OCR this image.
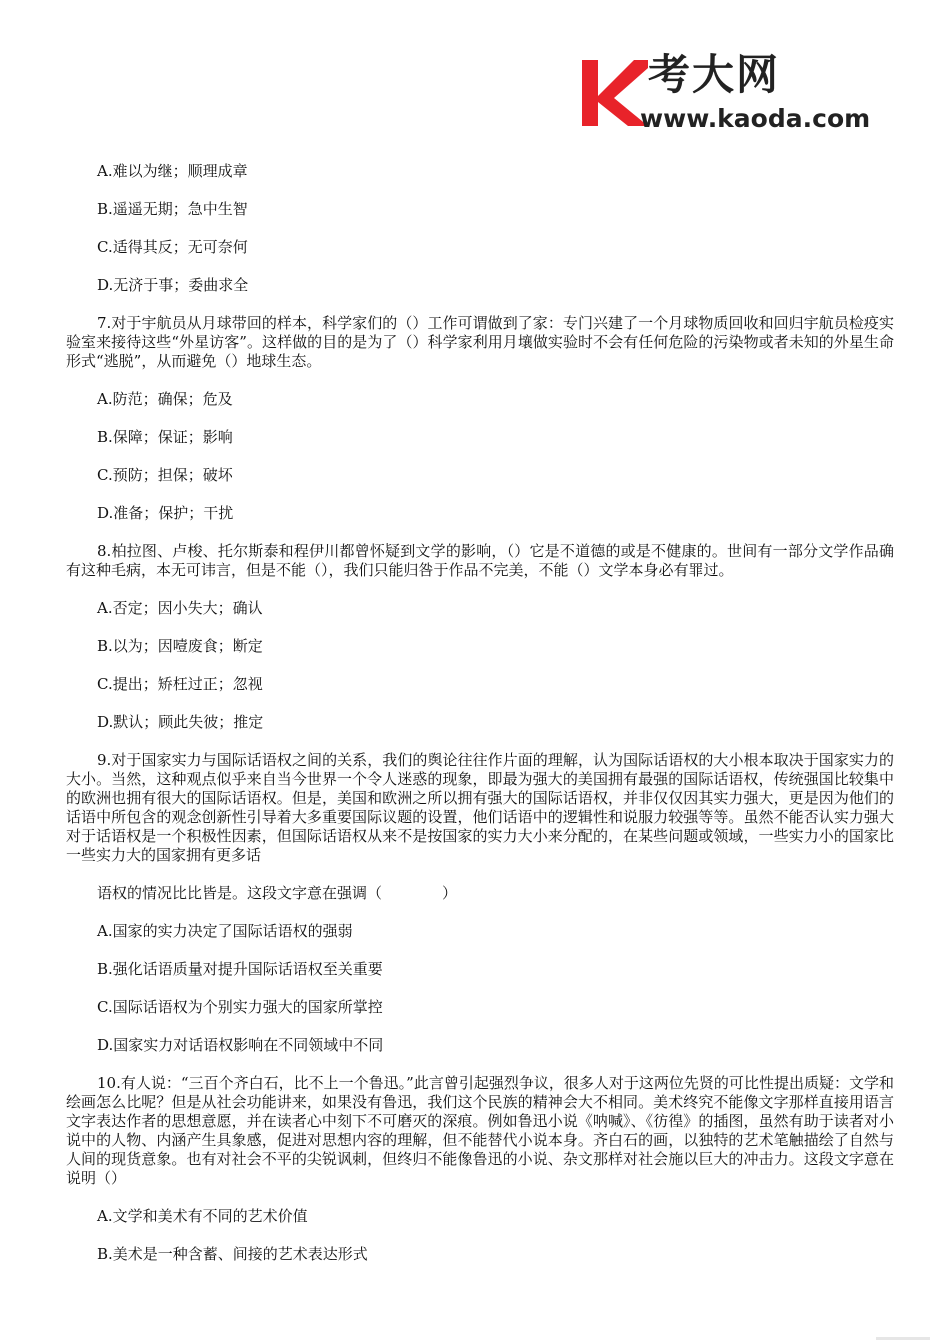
考大网
www.kaoda.com
A.难以为继；顺理成章
B.遥遥无期；急中生智
C.适得其反；无可奈何
D.无济于事；委曲求全
7.对于宇航员从月球带回的样本，科学家们的（）工作可谓做到了家：专门兴建了一个月球物质回收和回归宇航员检疫实验室来接待这些“外星访客”。这样做的目的是为了（）科学家利用月壤做实验时不会有任何危险的污染物或者未知的外星生命形式“逃脱”，从而避免（）地球生态。
A.防范；确保；危及
B.保障；保证；影响
C.预防；担保；破坏
D.准备；保护；干扰
8.柏拉图、卢梭、托尔斯泰和程伊川都曾怀疑到文学的影响，（）它是不道德的或是不健康的。世间有一部分文学作品确有这种毛病，本无可讳言，但是不能（），我们只能归咎于作品不完美，不能（）文学本身必有罪过。
A.否定；因小失大；确认
B.以为；因噎废食；断定
C.提出；矫枉过正；忽视
D.默认；顾此失彼；推定
9.对于国家实力与国际话语权之间的关系，我们的舆论往往作片面的理解，认为国际话语权的大小根本取决于国家实力的大小。当然，这种观点似乎来自当今世界一个令人迷惑的现象，即最为强大的美国拥有最强的国际话语权，传统强国比较集中的欧洲也拥有很大的国际话语权。但是，美国和欧洲之所以拥有强大的国际话语权，并非仅仅因其实力强大，更是因为他们的话语中所包含的观念创新性引导着大多重要国际议题的设置，他们话语中的逻辑性和说服力较强等等。虽然不能否认实力强大对于话语权是一个积极性因素，但国际话语权从来不是按国家的实力大小来分配的，在某些问题或领域，一些实力小的国家比一些实力大的国家拥有更多话
语权的情况比比皆是。这段文字意在强调（　　　　）
A.国家的实力决定了国际话语权的强弱
B.强化话语质量对提升国际话语权至关重要
C.国际话语权为个别实力强大的国家所掌控
D.国家实力对话语权影响在不同领域中不同
10.有人说：“三百个齐白石，比不上一个鲁迅。”此言曾引起强烈争议，很多人对于这两位先贤的可比性提出质疑：文学和绘画怎么比呢？但是从社会功能讲来，如果没有鲁迅，我们这个民族的精神会大不相同。美术终究不能像文字那样直接用语言文字表达作者的思想意愿，并在读者心中刻下不可磨灭的深痕。例如鲁迅小说《呐喊》、《彷徨》的插图，虽然有助于读者对小说中的人物、内涵产生具象感，促进对思想内容的理解，但不能替代小说本身。齐白石的画，以独特的艺术笔触描绘了自然与人间的现货意象。也有对社会不平的尖锐讽刺，但终归不能像鲁迅的小说、杂文那样对社会施以巨大的冲击力。这段文字意在说明（）
A.文学和美术有不同的艺术价值
B.美术是一种含蓄、间接的艺术表达形式
